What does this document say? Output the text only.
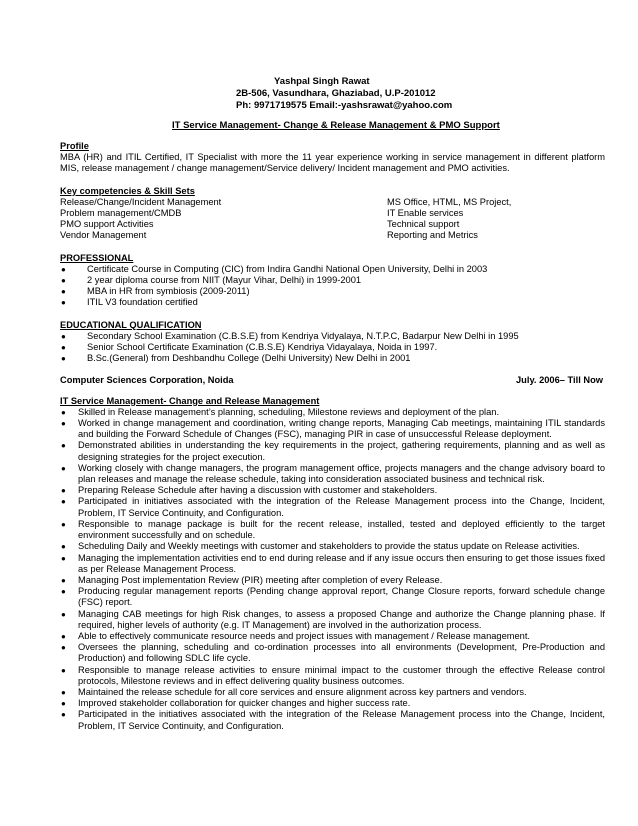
Yashpal Singh Rawat
2B-506, Vasundhara, Ghaziabad, U.P-201012
Ph: 9971719575 Email:-yashsrawat@yahoo.com
IT Service Management- Change & Release Management & PMO Support
Profile
MBA (HR) and ITIL Certified, IT Specialist with more the 11 year experience working in service management in different platform MIS, release management / change management/Service delivery/ Incident management and PMO activities.
Key competencies & Skill Sets
Release/Change/Incident Management
Problem management/CMDB
PMO support Activities
Vendor Management
MS Office, HTML, MS Project,
IT Enable services
Technical support
Reporting and Metrics
PROFESSIONAL
● Certificate Course in Computing (CIC) from Indira Gandhi National Open University, Delhi in 2003
● 2 year diploma course from NIIT (Mayur Vihar, Delhi) in 1999-2001
● MBA in HR from symbiosis (2009-2011)
● ITIL V3 foundation certified
EDUCATIONAL QUALIFICATION
● Secondary School Examination (C.B.S.E) from Kendriya Vidyalaya, N.T.P.C, Badarpur New Delhi in 1995
● Senior School Certificate Examination (C.B.S.E) Kendriya Vidayalaya, Noida in 1997.
● B.Sc.(General) from Deshbandhu College (Delhi University) New Delhi in 2001
Computer Sciences Corporation, Noida	July. 2006– Till Now
IT Service Management- Change and Release Management
● Skilled in Release management’s planning, scheduling, Milestone reviews and deployment of the plan.
● Worked in change management and coordination, writing change reports, Managing Cab meetings, maintaining ITIL standards and building the Forward Schedule of Changes (FSC), managing PIR in case of unsuccessful Release deployment.
● Demonstrated abilities in understanding the key requirements in the project, gathering requirements, planning and as well as designing strategies for the project execution.
● Working closely with change managers, the program management office, projects managers and the change advisory board to plan releases and manage the release schedule, taking into consideration associated business and technical risk.
● Preparing Release Schedule after having a discussion with customer and stakeholders.
● Participated in initiatives associated with the integration of the Release Management process into the Change, Incident, Problem, IT Service Continuity, and Configuration.
● Responsible to manage package is built for the recent release, installed, tested and deployed efficiently to the target environment successfully and on schedule.
● Scheduling Daily and Weekly meetings with customer and stakeholders to provide the status update on Release activities.
● Managing the implementation activities end to end during release and if any issue occurs then ensuring to get those issues fixed as per Release Management Process.
● Managing Post implementation Review (PIR) meeting after completion of every Release.
● Producing regular management reports (Pending change approval report, Change Closure reports, forward schedule change (FSC) report.
● Managing CAB meetings for high Risk changes, to assess a proposed Change and authorize the Change planning phase. If required, higher levels of authority (e.g. IT Management) are involved in the authorization process.
● Able to effectively communicate resource needs and project issues with management / Release management.
● Oversees the planning, scheduling and co-ordination processes into all environments (Development, Pre-Production and Production) and following SDLC life cycle.
● Responsible to manage release activities to ensure minimal impact to the customer through the effective Release control protocols, Milestone reviews and in effect delivering quality business outcomes.
● Maintained the release schedule for all core services and ensure alignment across key partners and vendors.
● Improved stakeholder collaboration for quicker changes and higher success rate.
● Participated in the initiatives associated with the integration of the Release Management process into the Change, Incident, Problem, IT Service Continuity, and Configuration.
